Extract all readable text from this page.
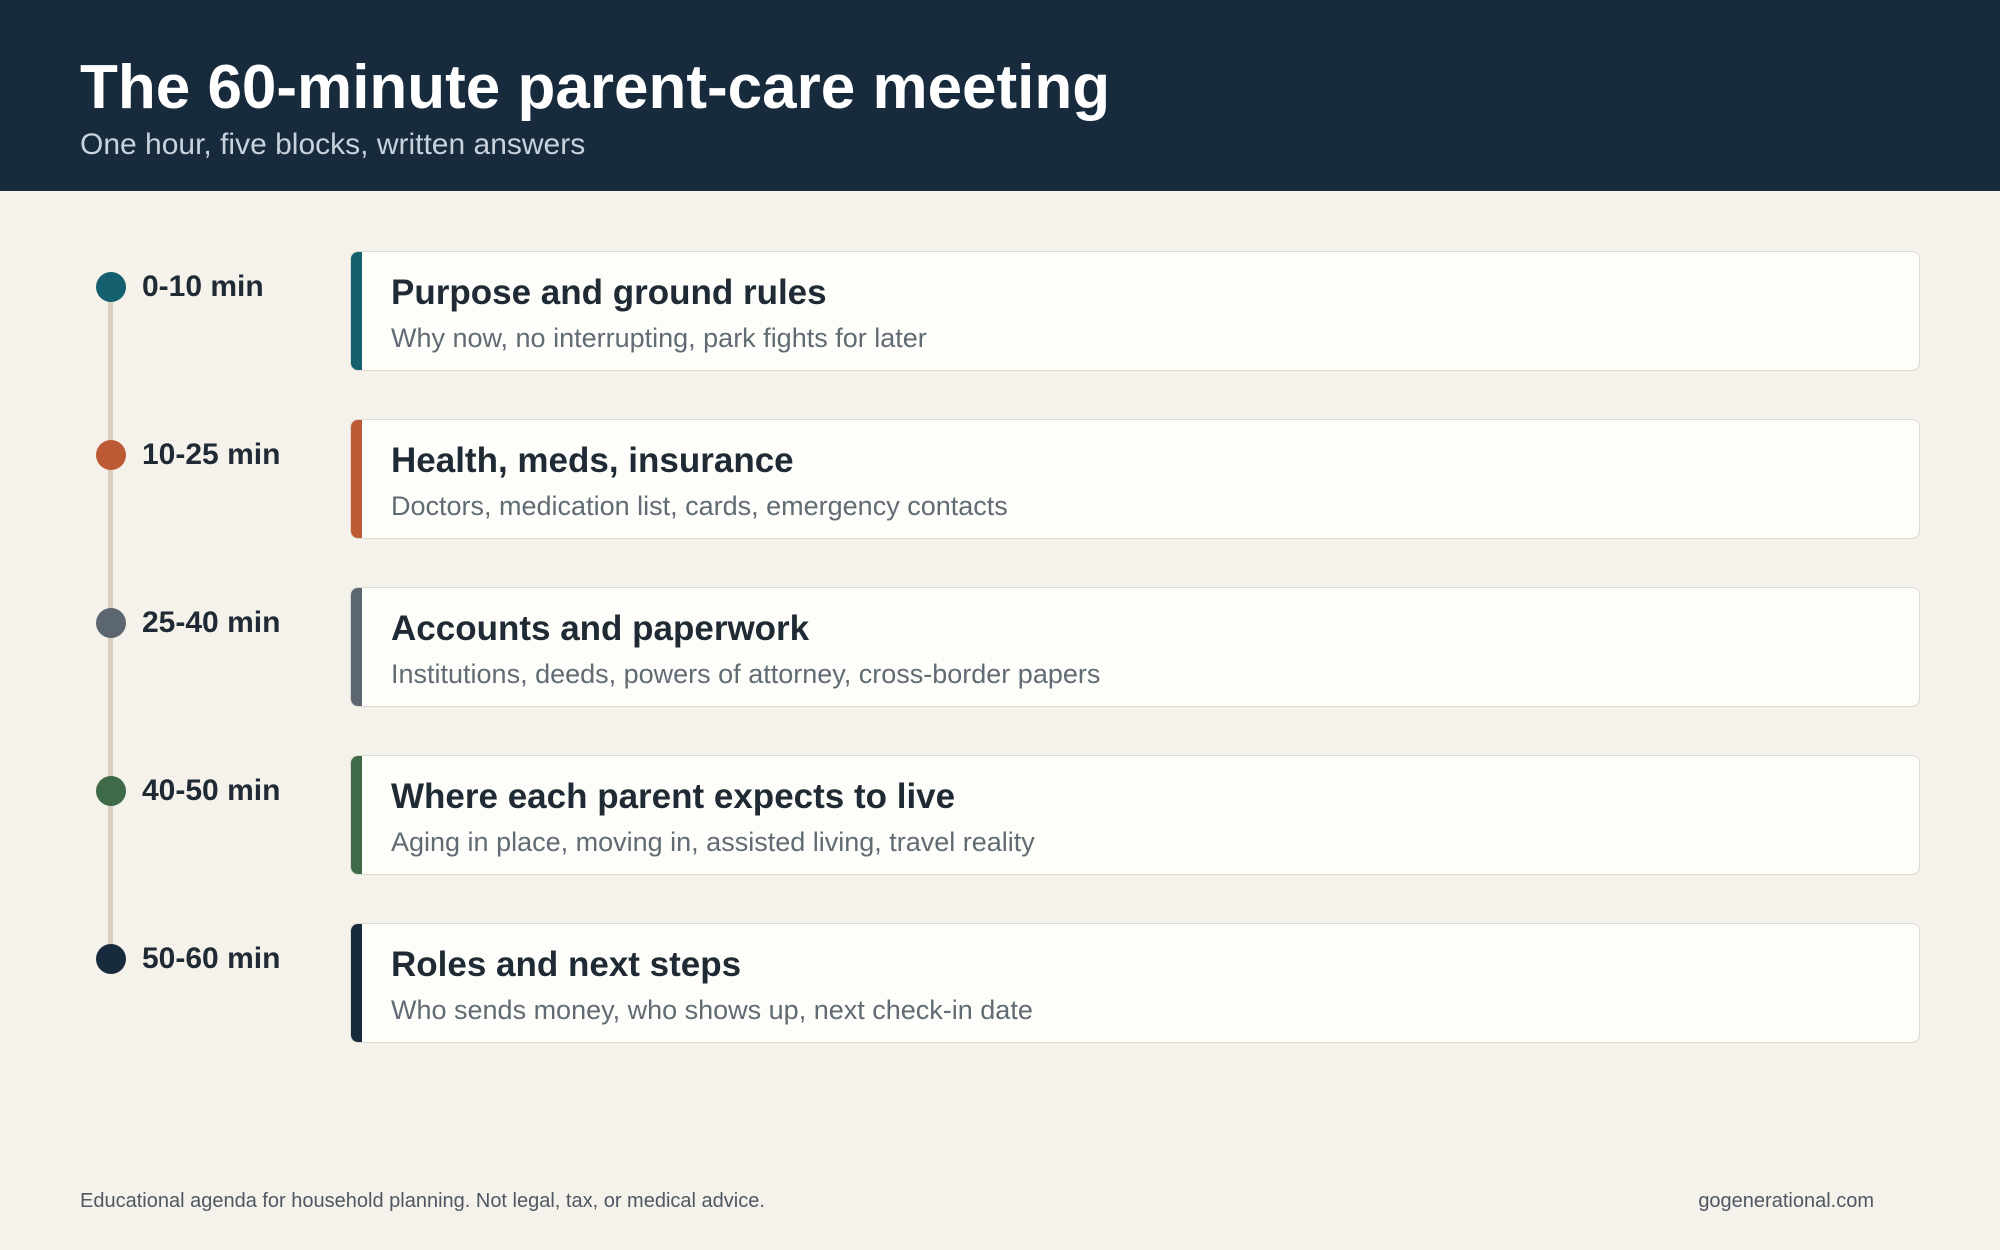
The 60-minute parent-care meeting
One hour, five blocks, written answers
0-10 min	Purpose and ground rules
Why now, no interrupting, park fights for later
10-25 min	Health, meds, insurance
Doctors, medication list, cards, emergency contacts
25-40 min	Accounts and paperwork
Institutions, deeds, powers of attorney, cross-border papers
40-50 min	Where each parent expects to live
Aging in place, moving in, assisted living, travel reality
50-60 min	Roles and next steps
Who sends money, who shows up, next check-in date
Educational agenda for household planning. Not legal, tax, or medical advice.	gogenerational.com
